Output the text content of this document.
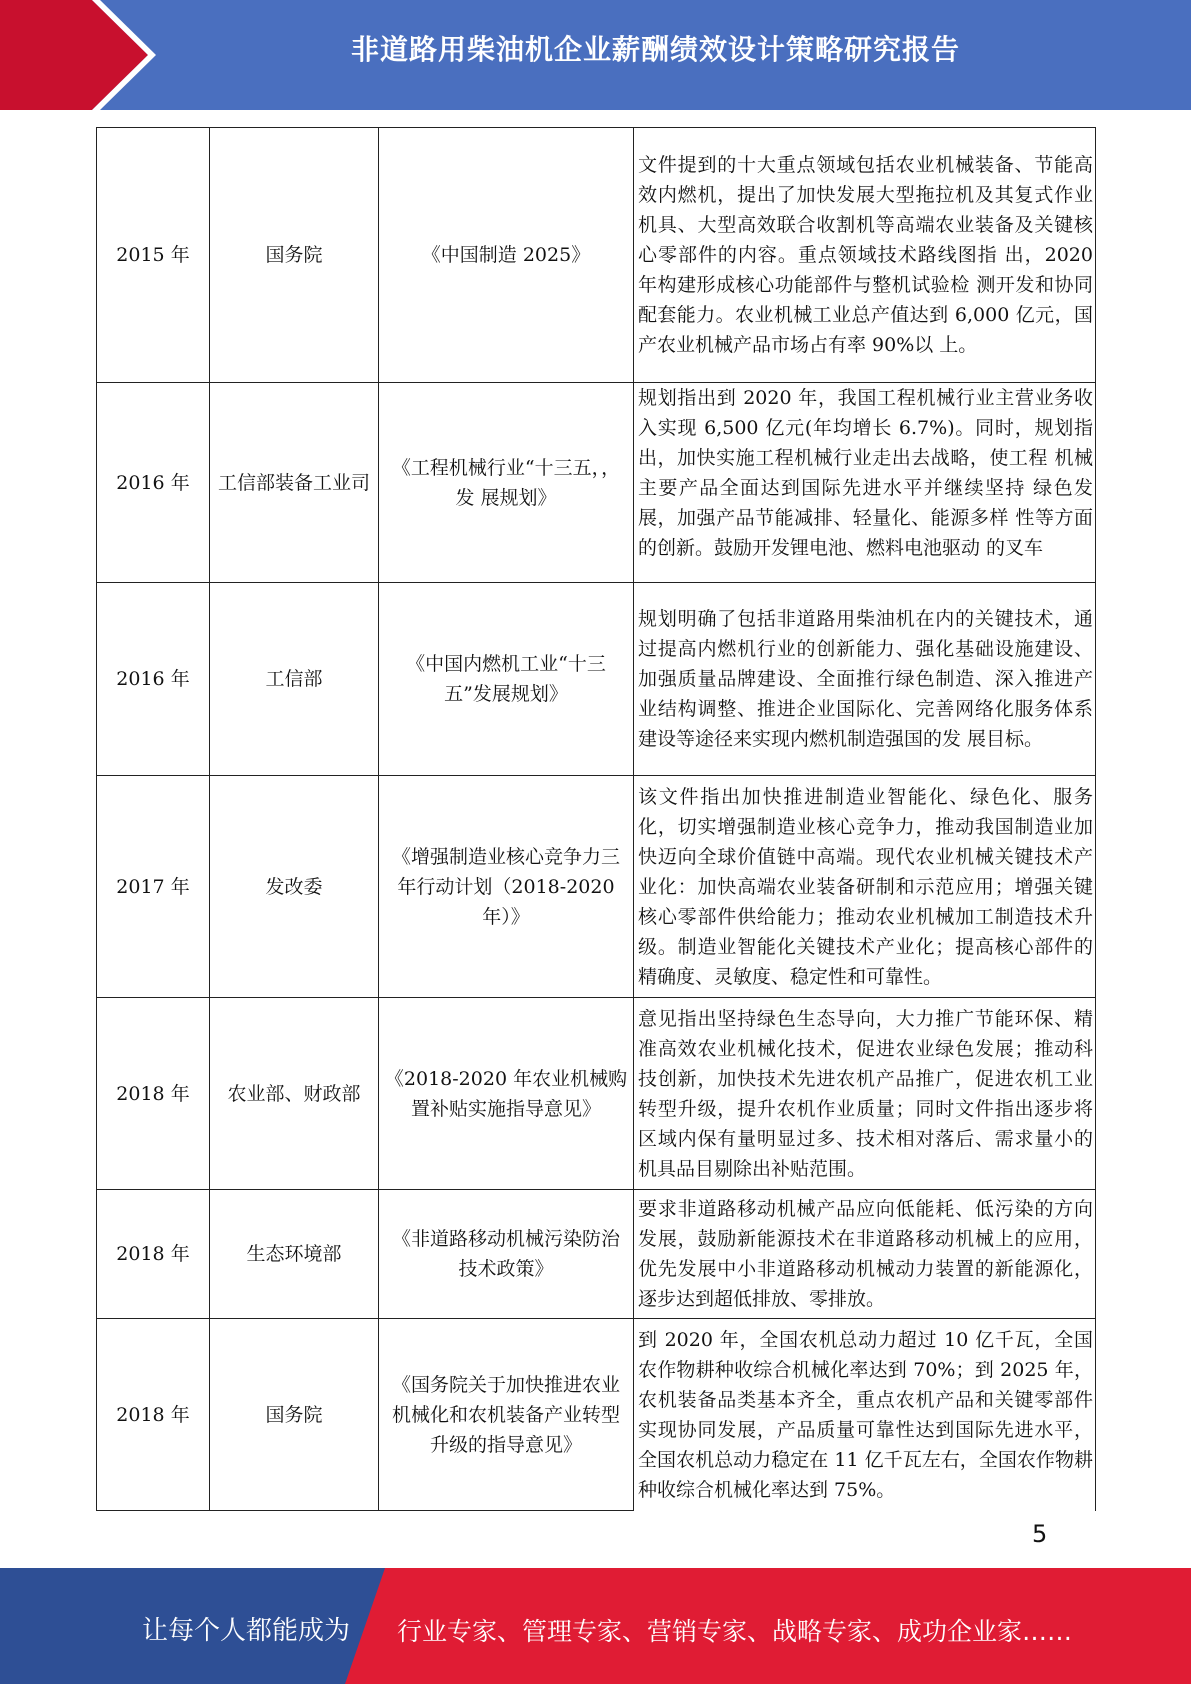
非道路用柴油机企业薪酬绩效设计策略研究报告
2015 年	国务院	《中国制造 2025》	文件提到的十大重点领域包括农业机械装备、节能高效内燃机，提出了加快发展大型拖拉机及其复式作业机具、大型高效联合收割机等高端农业装备及关键核心零部件的内容。重点领域技术路线图指 出，2020 年构建形成核心功能部件与整机试验检 测开发和协同配套能力。农业机械工业总产值达到 6,000 亿元，国产农业机械产品市场占有率 90%以 上。

2016 年	工信部装备工业司	《工程机械行业“十三五，， 发 展规划》	规划指出到 2020 年，我国工程机械行业主营业务收入实现 6,500 亿元(年均增长 6.7%)。同时，规划指出，加快实施工程机械行业走出去战略，使工程 机械主要产品全面达到国际先进水平并继续坚持 绿色发展，加强产品节能减排、轻量化、能源多样 性等方面的创新。鼓励开发锂电池、燃料电池驱动 的叉车

2016 年	工信部	《中国内燃机工业“十三五”发展规划》	规划明确了包括非道路用柴油机在内的关键技术，通过提高内燃机行业的创新能力、强化基础设施建设、加强质量品牌建设、全面推行绿色制造、深入推进产业结构调整、推进企业国际化、完善网络化服务体系建设等途径来实现内燃机制造强国的发 展目标。

2017 年	发改委	《增强制造业核心竞争力三年行动计划（2018-2020年）》	该文件指出加快推进制造业智能化、绿色化、服务化，切实增强制造业核心竞争力，推动我国制造业加快迈向全球价值链中高端。现代农业机械关键技术产业化：加快高端农业装备研制和示范应用；增强关键核心零部件供给能力；推动农业机械加工制造技术升级。制造业智能化关键技术产业化；提高核心部件的精确度、灵敏度、稳定性和可靠性。

2018 年	农业部、财政部	《2018-2020 年农业机械购置补贴实施指导意见》	意见指出坚持绿色生态导向，大力推广节能环保、精准高效农业机械化技术，促进农业绿色发展；推动科技创新，加快技术先进农机产品推广，促进农机工业转型升级，提升农机作业质量；同时文件指出逐步将区域内保有量明显过多、技术相对落后、需求量小的机具品目剔除出补贴范围。

2018 年	生态环境部	《非道路移动机械污染防治技术政策》	要求非道路移动机械产品应向低能耗、低污染的方向发展，鼓励新能源技术在非道路移动机械上的应用，优先发展中小非道路移动机械动力装置的新能源化，逐步达到超低排放、零排放。

2018 年	国务院	《国务院关于加快推进农业机械化和农机装备产业转型升级的指导意见》	到 2020 年，全国农机总动力超过 10 亿千瓦，全国农作物耕种收综合机械化率达到 70%；到 2025 年，农机装备品类基本齐全，重点农机产品和关键零部件实现协同发展，产品质量可靠性达到国际先进水平，全国农机总动力稳定在 11 亿千瓦左右，全国农作物耕种收综合机械化率达到 75%。
5
让每个人都能成为 行业专家、管理专家、营销专家、战略专家、成功企业家……
